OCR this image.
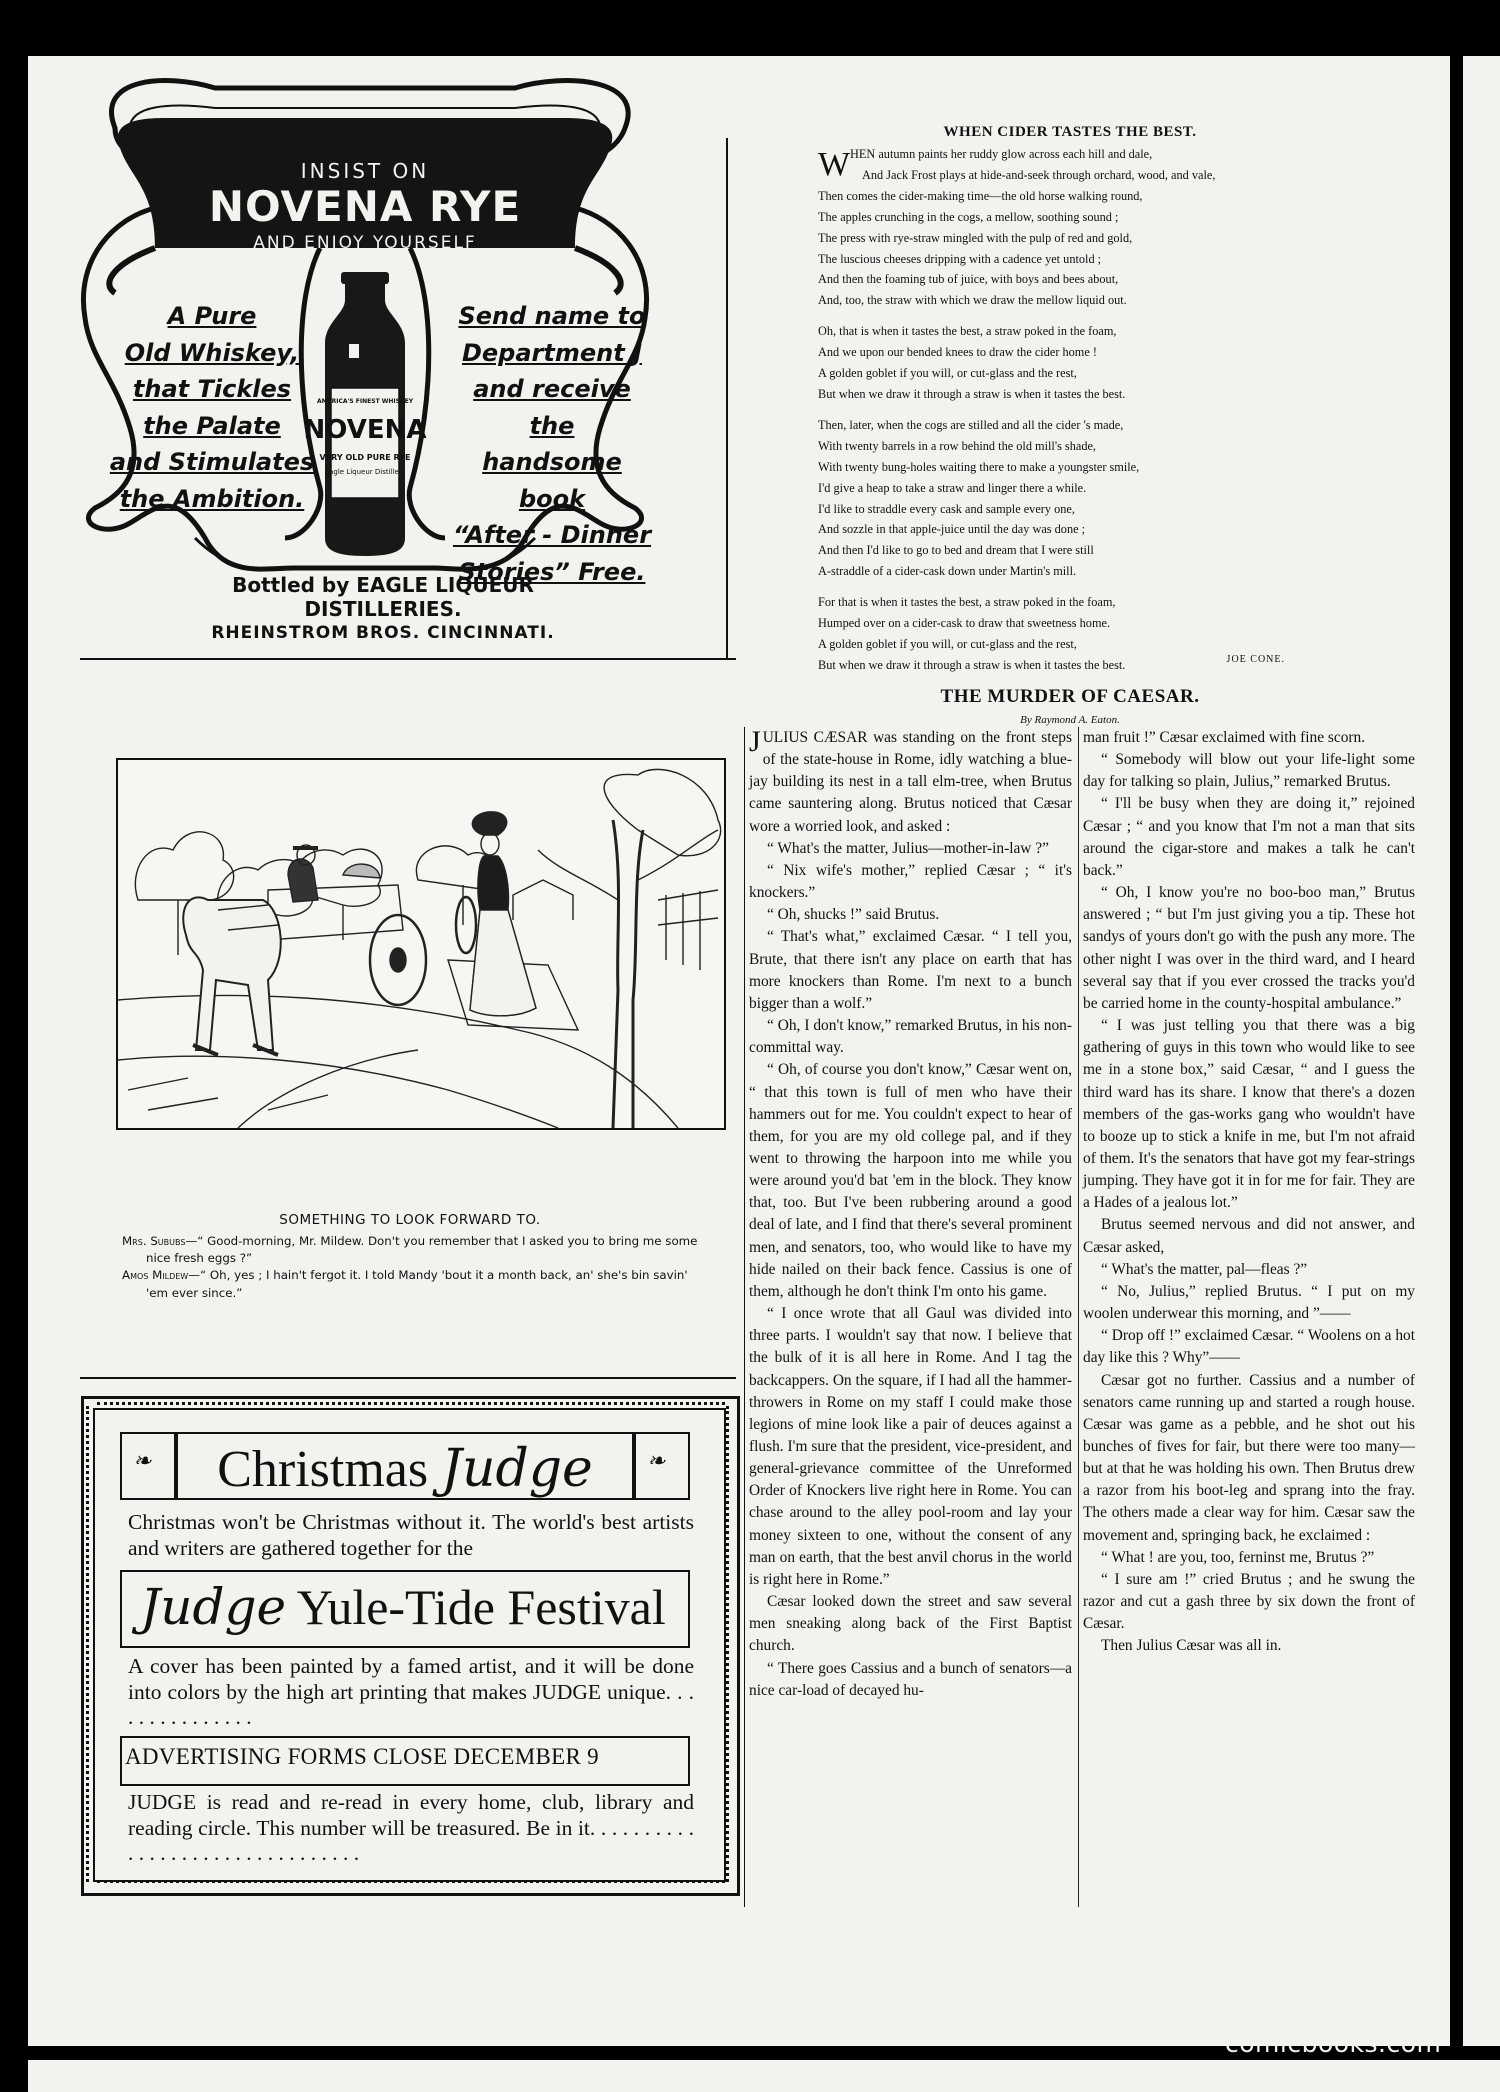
INSIST ON
NOVENA RYE
AND ENJOY YOURSELF
AMERICA'S FINEST WHISKEY
NOVENA
VERY OLD PURE RYE
Eagle Liqueur Distillers
A Pure
Old Whiskey,
that Tickles
the Palate
and Stimulates
the Ambition.
Send name to
Department J
and receive the
handsome book
“After - Dinner
Stories” Free.
Bottled by EAGLE LIQUEUR DISTILLERIES.
RHEINSTROM BROS. CINCINNATI.
WHEN CIDER TASTES THE BEST.
W HEN autumn paints her ruddy glow across each hill and dale,
And Jack Frost plays at hide-and-seek through orchard, wood, and vale,
Then comes the cider-making time—the old horse walking round,
The apples crunching in the cogs, a mellow, soothing sound ;
The press with rye-straw mingled with the pulp of red and gold,
The luscious cheeses dripping with a cadence yet untold ;
And then the foaming tub of juice, with boys and bees about,
And, too, the straw with which we draw the mellow liquid out.
Oh, that is when it tastes the best, a straw poked in the foam,
And we upon our bended knees to draw the cider home !
A golden goblet if you will, or cut-glass and the rest,
But when we draw it through a straw is when it tastes the best.
Then, later, when the cogs are stilled and all the cider 's made,
With twenty barrels in a row behind the old mill's shade,
With twenty bung-holes waiting there to make a youngster smile,
I'd give a heap to take a straw and linger there a while.
I'd like to straddle every cask and sample every one,
And sozzle in that apple-juice until the day was done ;
And then I'd like to go to bed and dream that I were still
A-straddle of a cider-cask down under Martin's mill.
For that is when it tastes the best, a straw poked in the foam,
Humped over on a cider-cask to draw that sweetness home.
A golden goblet if you will, or cut-glass and the rest,
But when we draw it through a straw is when it tastes the best.	JOE CONE.
THE MURDER OF CAESAR.
By Raymond A. Eaton.

JULIUS CÆSAR was standing on the front steps of the state-house in Rome, idly watching a blue-jay building its nest in a tall elm-tree, when Brutus came sauntering along. Brutus noticed that Cæsar wore a worried look, and asked :

“ What's the matter, Julius—mother-in-law ?”

“ Nix wife's mother,” replied Cæsar ; “ it's knockers.”

“ Oh, shucks !” said Brutus.

“ That's what,” exclaimed Cæsar. “ I tell you, Brute, that there isn't any place on earth that has more knockers than Rome. I'm next to a bunch bigger than a wolf.”

“ Oh, I don't know,” remarked Brutus, in his non-committal way.

“ Oh, of course you don't know,” Cæsar went on, “ that this town is full of men who have their hammers out for me. You couldn't expect to hear of them, for you are my old college pal, and if they went to throwing the harpoon into me while you were around you'd bat 'em in the block. They know that, too. But I've been rubbering around a good deal of late, and I find that there's several prominent men, and senators, too, who would like to have my hide nailed on their back fence. Cassius is one of them, although he don't think I'm onto his game.

“ I once wrote that all Gaul was divided into three parts. I wouldn't say that now. I believe that the bulk of it is all here in Rome. And I tag the backcappers. On the square, if I had all the hammer-throwers in Rome on my staff I could make those legions of mine look like a pair of deuces against a flush. I'm sure that the president, vice-president, and general-grievance committee of the Unreformed Order of Knockers live right here in Rome. You can chase around to the alley pool-room and lay your money sixteen to one, without the consent of any man on earth, that the best anvil chorus in the world is right here in Rome.”

Cæsar looked down the street and saw several men sneaking along back of the First Baptist church.

“ There goes Cassius and a bunch of senators—a nice car-load of decayed hu-

man fruit !” Cæsar exclaimed with fine scorn.

“ Somebody will blow out your life-light some day for talking so plain, Julius,” remarked Brutus.

“ I'll be busy when they are doing it,” rejoined Cæsar ; “ and you know that I'm not a man that sits around the cigar-store and makes a talk he can't back.”

“ Oh, I know you're no boo-boo man,” Brutus answered ; “ but I'm just giving you a tip. These hot sandys of yours don't go with the push any more. The other night I was over in the third ward, and I heard several say that if you ever crossed the tracks you'd be carried home in the county-hospital ambulance.”

“ I was just telling you that there was a big gathering of guys in this town who would like to see me in a stone box,” said Cæsar, “ and I guess the third ward has its share. I know that there's a dozen members of the gas-works gang who wouldn't have to booze up to stick a knife in me, but I'm not afraid of them. It's the senators that have got my fear-strings jumping. They have got it in for me for fair. They are a Hades of a jealous lot.”

Brutus seemed nervous and did not answer, and Cæsar asked,

“ What's the matter, pal—fleas ?”

“ No, Julius,” replied Brutus. “ I put on my woolen underwear this morning, and ”——

“ Drop off !” exclaimed Cæsar. “ Woolens on a hot day like this ? Why”——

Cæsar got no further. Cassius and a number of senators came running up and started a rough house. Cæsar was game as a pebble, and he shot out his bunches of fives for fair, but there were too many—but at that he was holding his own. Then Brutus drew a razor from his boot-leg and sprang into the fray. The others made a clear way for him. Cæsar saw the movement and, springing back, he exclaimed :

“ What ! are you, too, ferninst me, Brutus ?”

“ I sure am !” cried Brutus ; and he swung the razor and cut a gash three by six down the front of Cæsar.

Then Julius Cæsar was all in.

SOMETHING TO LOOK FORWARD TO.
Mrs. Sububs—“ Good-morning, Mr. Mildew. Don't you remember that I asked you to bring me some nice fresh eggs ?”
Amos Mildew—“ Oh, yes ; I hain't fergot it. I told Mandy 'bout it a month back, an' she's bin savin' 'em ever since.”
❧	❧
Christmas Judge
Christmas won't be Christmas without it. The world's best artists and writers are gathered together for the
Judge Yule-Tide Festival
A cover has been painted by a famed artist, and it will be done into colors by the high art printing that makes JUDGE unique. . . . . . . . . . . . . . .
ADVERTISING FORMS CLOSE DECEMBER 9
JUDGE is read and re-read in every home, club, library and reading circle. This number will be treasured. Be in it. . . . . . . . . . . . . . . . . . . . . . . . . . . . . . . .
comicbooks.com
